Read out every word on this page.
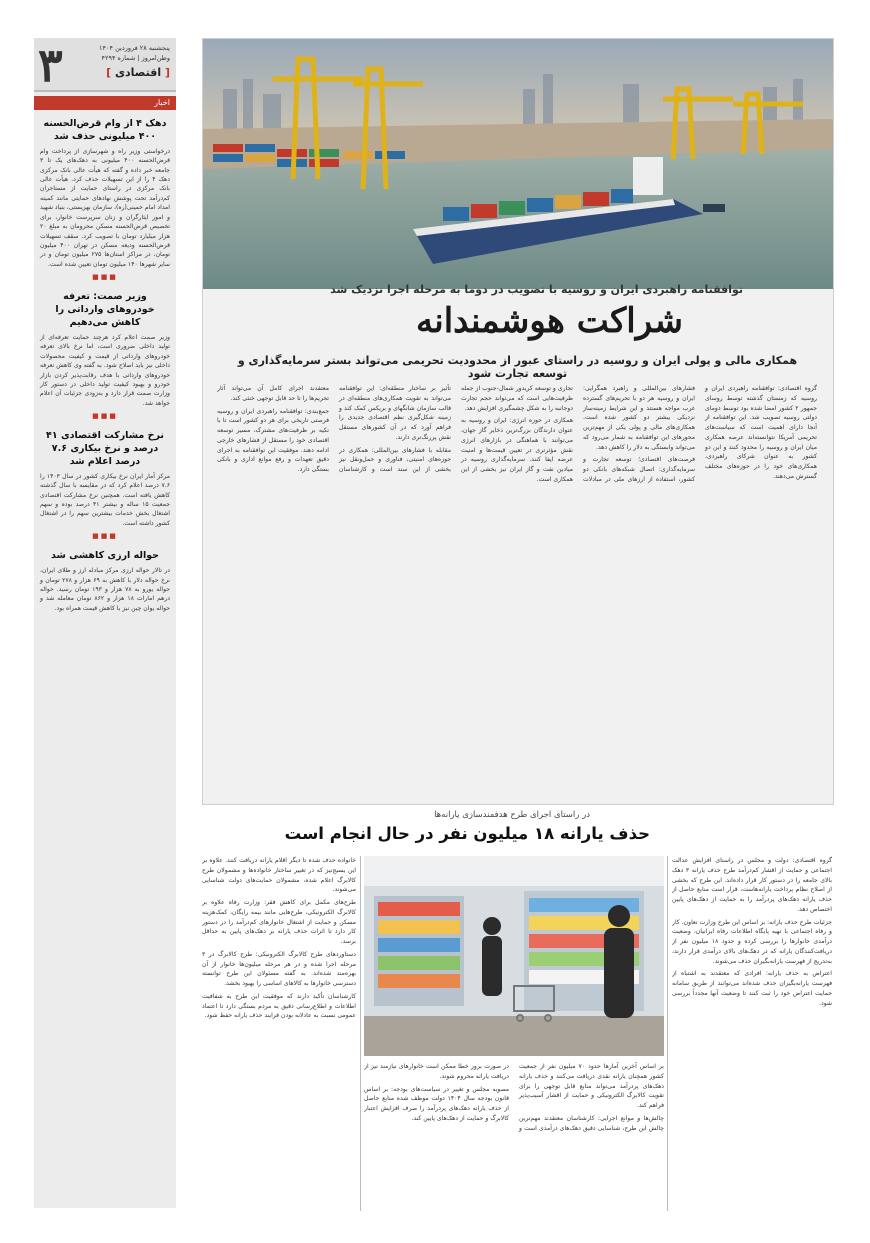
۳	پنجشنبه ۲۸ فروردین ۱۴۰۴
وطن‌امروز | شماره ۴۲۹۴
[ اقتصادی ]
اخبار
دهک ۴ از وام قرض‌الحسنه ۴۰۰ میلیونی حذف شد
درخواستی وزیر راه و شهرسازی از پرداخت وام قرض‌الحسنه ۴۰۰ میلیونی به دهک‌های یک تا ۳ جامعه خبر داده و گفته که هیأت عالی بانک مرکزی دهک ۴ را از این تسهیلات حذف کرد. هیأت عالی بانک مرکزی در راستای حمایت از مستاجران کم‌درآمد تحت پوشش نهادهای حمایتی مانند کمیته امداد امام خمینی(ره)، سازمان بهزیستی، بنیاد شهید و امور ایثارگران و زنان سرپرست خانوار، برای تخصیص قرض‌الحسنه مسکن محرومان به مبلغ ۲۰ هزار میلیارد تومان با تصویب کرد. سقف تسهیلات قرض‌الحسنه ودیعه مسکن در تهران ۴۰۰ میلیون تومان، در مراکز استان‌ها ۲۷۵ میلیون تومان و در سایر شهرها ۱۴۰ میلیون تومان تعیین شده است.
■■■
وزیر صمت: تعرفه خودروهای وارداتی را کاهش می‌دهیم
وزیر صمت اعلام کرد هرچند حمایت تعرفه‌ای از تولید داخلی ضروری است، اما نرخ بالای تعرفه خودروهای وارداتی از قیمت و کیفیت محصولات داخلی نیز باید اصلاح شود. به گفته وی کاهش تعرفه خودروهای وارداتی با هدف رقابت‌پذیر کردن بازار خودرو و بهبود کیفیت تولید داخلی در دستور کار وزارت صمت قرار دارد و به‌زودی جزئیات آن اعلام خواهد شد.
■■■
نرخ مشارکت اقتصادی ۴۱ درصد و نرخ بیکاری ۷.۶ درصد اعلام شد
مرکز آمار ایران نرخ بیکاری کشور در سال ۱۴۰۳ را ۷.۶ درصد اعلام کرد که در مقایسه با سال گذشته کاهش یافته است. همچنین نرخ مشارکت اقتصادی جمعیت ۱۵ ساله و بیشتر ۴۱ درصد بوده و سهم اشتغال بخش خدمات بیشترین سهم را در اشتغال کشور داشته است.
■■■
حواله ارزی کاهشی شد
در تالار حواله ارزی مرکز مبادله ارز و طلای ایران، نرخ حواله دلار با کاهش به ۶۹ هزار و ۲۷۸ تومان و حواله یورو به ۷۸ هزار و ۱۹۳ تومان رسید. حواله درهم امارات ۱۸ هزار و ۸۶۲ تومان معامله شد و حواله یوان چین نیز با کاهش قیمت همراه بود.
توافقنامه راهبردی ایران و روسیه با تصویب در دوما به مرحله اجرا نزدیک شد
شراکت هوشمندانه
همکاری مالی و پولی ایران و روسیه در راستای عبور از محدودیت تحریمی می‌تواند بستر سرمایه‌گذاری و توسعه تجارت شود

گروه اقتصادی: توافقنامه راهبردی ایران و روسیه که زمستان گذشته توسط روسای جمهور ۲ کشور امضا شده بود توسط دومای دولتی روسیه تصویب شد. این توافقنامه از آنجا دارای اهمیت است که سیاست‌های تحریمی آمریکا نتوانسته‌اند عرصه همکاری میان ایران و روسیه را محدود کنند و این دو کشور به عنوان شرکای راهبردی، همکاری‌های خود را در حوزه‌های مختلف گسترش می‌دهند.

فشارهای بین‌المللی و راهبرد همگرایی: ایران و روسیه هر دو با تحریم‌های گسترده غرب مواجه هستند و این شرایط زمینه‌ساز نزدیکی بیشتر دو کشور شده است. همکاری‌های مالی و پولی یکی از مهم‌ترین محورهای این توافقنامه به شمار می‌رود که می‌تواند وابستگی به دلار را کاهش دهد.

فرصت‌های اقتصادی؛ توسعه تجارت و سرمایه‌گذاری: اتصال شبکه‌های بانکی دو کشور، استفاده از ارزهای ملی در مبادلات تجاری و توسعه کریدور شمال-جنوب از جمله ظرفیت‌هایی است که می‌تواند حجم تجارت دوجانبه را به شکل چشمگیری افزایش دهد.

همکاری در حوزه انرژی: ایران و روسیه به عنوان دارندگان بزرگ‌ترین ذخایر گاز جهان، می‌توانند با هماهنگی در بازارهای انرژی نقش مؤثرتری در تعیین قیمت‌ها و امنیت عرضه ایفا کنند. سرمایه‌گذاری روسیه در میادین نفت و گاز ایران نیز بخشی از این همکاری است.

تأثیر بر ساختار منطقه‌ای: این توافقنامه می‌تواند به تقویت همکاری‌های منطقه‌ای در قالب سازمان شانگهای و بریکس کمک کند و زمینه شکل‌گیری نظم اقتصادی جدیدی را فراهم آورد که در آن کشورهای مستقل نقش پررنگ‌تری دارند.

مقابله با فشارهای بین‌المللی: همکاری در حوزه‌های امنیتی، فناوری و حمل‌ونقل نیز بخشی از این سند است و کارشناسان معتقدند اجرای کامل آن می‌تواند آثار تحریم‌ها را تا حد قابل توجهی خنثی کند.

جمع‌بندی: توافقنامه راهبردی ایران و روسیه فرصتی تاریخی برای هر دو کشور است تا با تکیه بر ظرفیت‌های مشترک، مسیر توسعه اقتصادی خود را مستقل از فشارهای خارجی ادامه دهند. موفقیت این توافقنامه به اجرای دقیق تعهدات و رفع موانع اداری و بانکی بستگی دارد.

در راستای اجرای طرح هدفمندسازی یارانه‌ها
حذف یارانه ۱۸ میلیون نفر در حال انجام است

گروه اقتصادی: دولت و مجلس در راستای افزایش عدالت اجتماعی و حمایت از اقشار کم‌درآمد طرح حذف یارانه ۳ دهک بالای جامعه را در دستور کار قرار داده‌اند. این طرح که بخشی از اصلاح نظام پرداخت یارانه‌هاست، قرار است منابع حاصل از حذف یارانه دهک‌های پردرآمد را به حمایت از دهک‌های پایین اختصاص دهد.

جزئیات طرح حذف یارانه: بر اساس این طرح وزارت تعاون، کار و رفاه اجتماعی با تهیه پایگاه اطلاعات رفاه ایرانیان، وضعیت درآمدی خانوارها را بررسی کرده و حدود ۱۸ میلیون نفر از دریافت‌کنندگان یارانه که در دهک‌های بالای درآمدی قرار دارند، به‌تدریج از فهرست یارانه‌بگیران حذف می‌شوند.

اعتراض به حذف یارانه: افرادی که معتقدند به اشتباه از فهرست یارانه‌بگیران حذف شده‌اند می‌توانند از طریق سامانه حمایت اعتراض خود را ثبت کنند تا وضعیت آنها مجدداً بررسی شود.

بر اساس آخرین آمارها حدود ۷۰ میلیون نفر از جمعیت کشور همچنان یارانه نقدی دریافت می‌کنند و حذف یارانه دهک‌های پردرآمد می‌تواند منابع قابل توجهی را برای تقویت کالابرگ الکترونیکی و حمایت از اقشار آسیب‌پذیر فراهم کند.

چالش‌ها و موانع اجرایی: کارشناسان معتقدند مهم‌ترین چالش این طرح، شناسایی دقیق دهک‌های درآمدی است و در صورت بروز خطا ممکن است خانوارهای نیازمند نیز از دریافت یارانه محروم شوند.

مصوبه مجلس و تغییر در سیاست‌های بودجه: بر اساس قانون بودجه سال ۱۴۰۴ دولت موظف شده منابع حاصل از حذف یارانه دهک‌های پردرآمد را صرف افزایش اعتبار کالابرگ و حمایت از دهک‌های پایین کند.

خانواده حذف شده تا دیگر اقلام یارانه دریافت کنند. علاوه بر این بسیج‌نیز که در تغییر ساختار خانواده‌ها و مشمولان طرح کالابرگ اعلام شده، مشمولان حمایت‌های دولت شناسایی می‌شوند.

طرح‌های مکمل برای کاهش فقر: وزارت رفاه علاوه بر کالابرگ الکترونیکی، طرح‌هایی مانند بیمه رایگان، کمک‌هزینه مسکن و حمایت از اشتغال خانوارهای کم‌درآمد را در دستور کار دارد تا اثرات حذف یارانه بر دهک‌های پایین به حداقل برسد.

دستاوردهای طرح کالابرگ الکترونیکی: طرح کالابرگ در ۳ مرحله اجرا شده و در هر مرحله میلیون‌ها خانوار از آن بهره‌مند شده‌اند. به گفته مسئولان این طرح توانسته دسترسی خانوارها به کالاهای اساسی را بهبود بخشد.

کارشناسان تأکید دارند که موفقیت این طرح به شفافیت اطلاعات و اطلاع‌رسانی دقیق به مردم بستگی دارد تا اعتماد عمومی نسبت به عادلانه بودن فرایند حذف یارانه حفظ شود.
